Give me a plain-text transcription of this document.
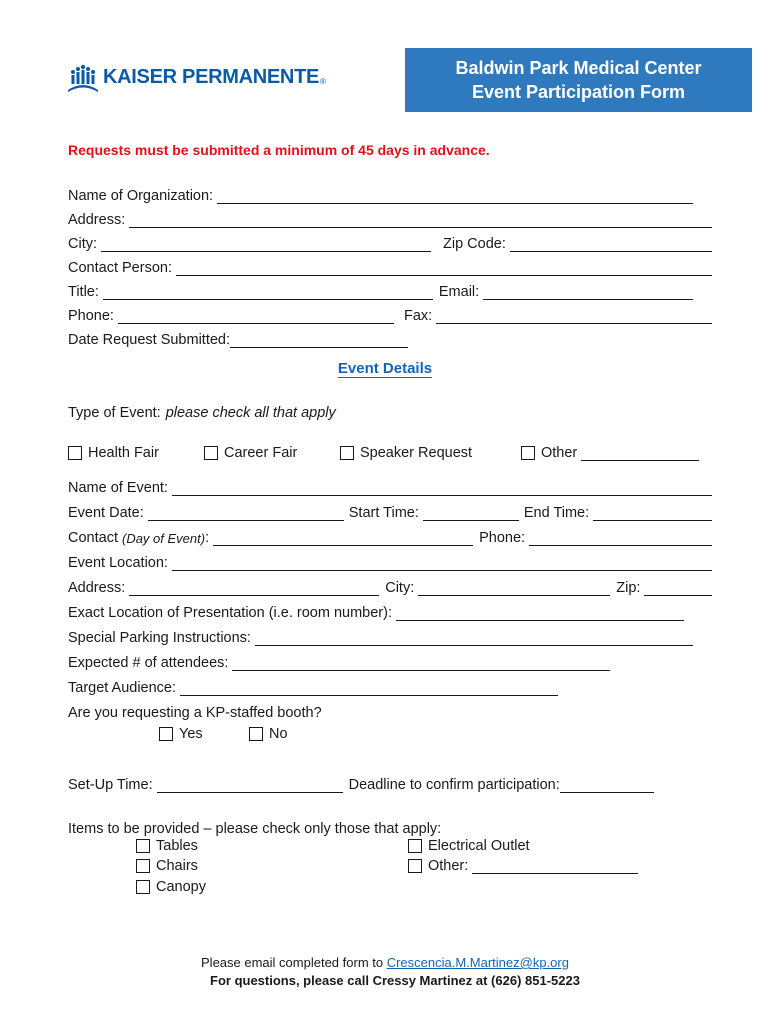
KAISER PERMANENTE ®
Baldwin Park Medical Center
Event Participation Form
Requests must be submitted a minimum of 45 days in advance.
Name of Organization:
Address:
City:	Zip Code:
Contact Person:
Title:	Email:
Phone:	Fax:
Date Request Submitted:
Event Details
Type of Event: please check all that apply
Health Fair	Career Fair	Speaker Request	Other
Name of Event:
Event Date:	Start Time:	End Time:
Contact (Day of Event) :	Phone:
Event Location:
Address:	City:	Zip:
Exact Location of Presentation (i.e. room number):
Special Parking Instructions:
Expected # of attendees:
Target Audience:
Are you requesting a KP-staffed booth?
Yes	No
Set-Up Time:	Deadline to confirm participation:
Items to be provided – please check only those that apply:
Tables
Chairs
Canopy
Electrical Outlet
Other:
Please email completed form to Crescencia.M.Martinez@kp.org
For questions, please call Cressy Martinez at (626) 851-5223
